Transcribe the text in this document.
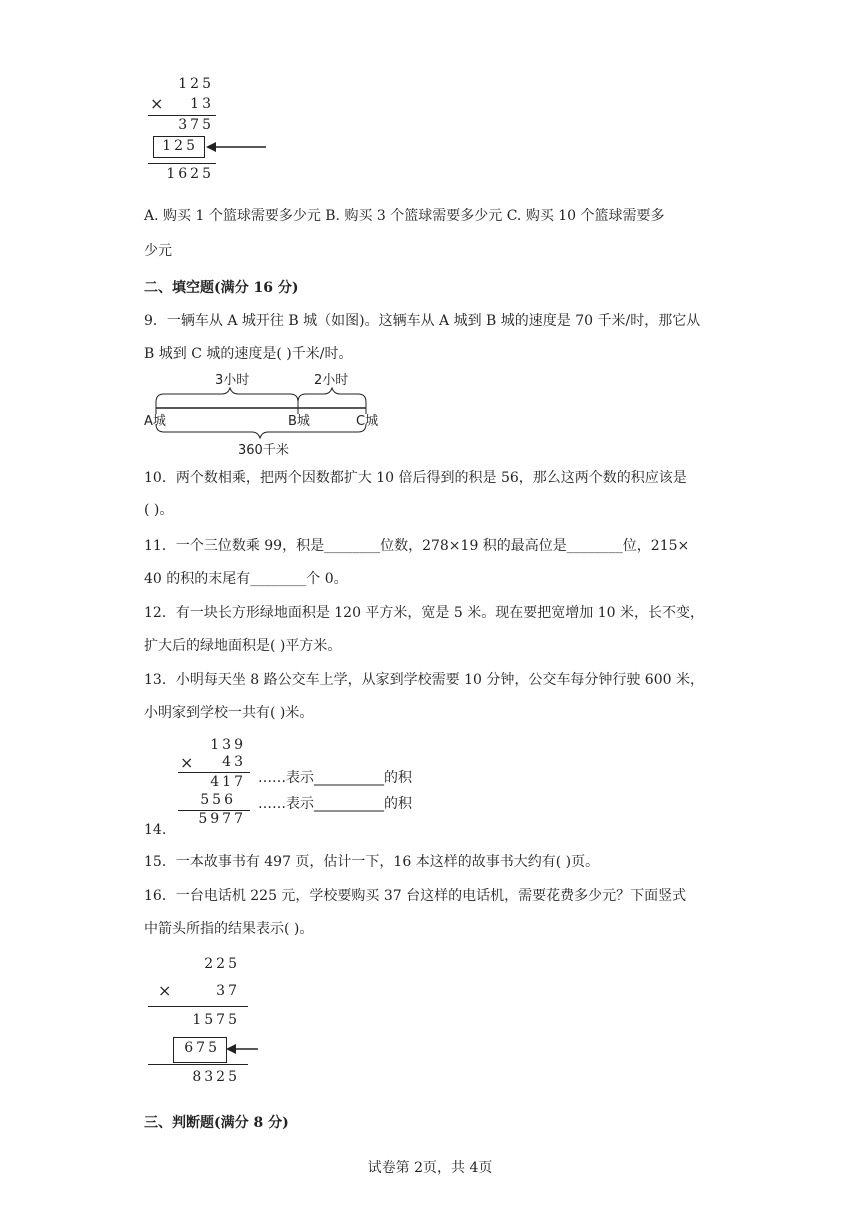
125
×	13
375
125
1625
A. 购买 1 个篮球需要多少元 B. 购买 3 个篮球需要多少元 C. 购买 10 个篮球需要多
少元
二、填空题(满分 16 分)
9．一辆车从 A 城开往 B 城（如图)。这辆车从 A 城到 B 城的速度是 70 千米/时，那它从
B 城到 C 城的速度是( )千米/时。
3小时	2小时
A城	B城	C城
360千米
10．两个数相乘，把两个因数都扩大 10 倍后得到的积是 56，那么这两个数的积应该是
( )。
11．一个三位数乘 99，积是________位数，278×19 积的最高位是________位，215×
40 的积的末尾有________个 0。
12．有一块长方形绿地面积是 120 平方米，宽是 5 米。现在要把宽增加 10 米，长不变，
扩大后的绿地面积是( )平方米。
13．小明每天坐 8 路公交车上学，从家到学校需要 10 分钟，公交车每分钟行驶 600 米，
小明家到学校一共有( )米。
139
×	43
417 ……表示__________的积
556 ……表示__________的积
5977
14.
15．一本故事书有 497 页，估计一下，16 本这样的故事书大约有( )页。
16．一台电话机 225 元，学校要购买 37 台这样的电话机，需要花费多少元？下面竖式
中箭头所指的结果表示( )。
225
×	37
1575
675
8325
三、判断题(满分 8 分)
试卷第 2页，共 4页
